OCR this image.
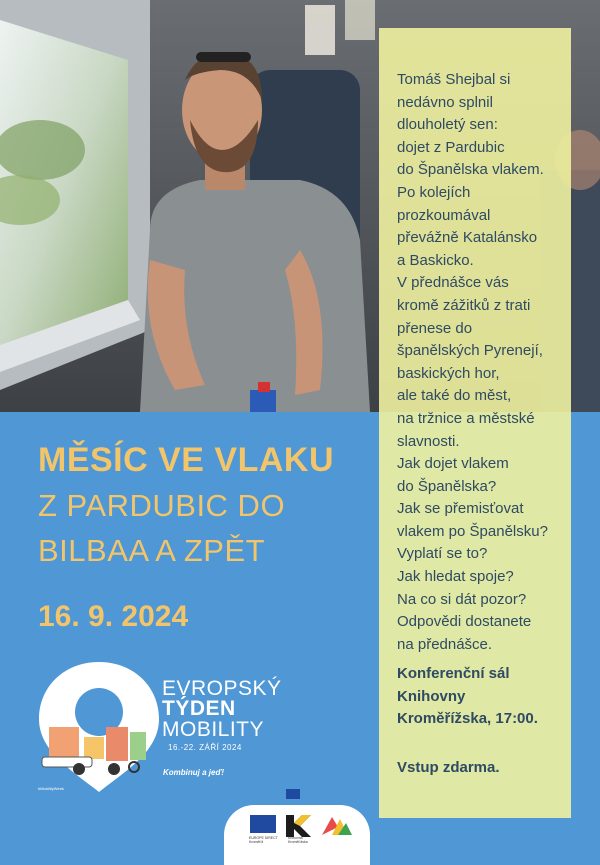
MĚSÍC VE VLAKU
Z PARDUBIC DO
BILBAA A ZPĚT
16. 9. 2024
EVROPSKÝ
TÝDEN
MOBILITY
16.-22. ZÁŘÍ 2024
Kombinuj a jeď!
#MobilityWeek
Tomáš Shejbal si
nedávno splnil
dlouholetý sen:
dojet z Pardubic
do Španělska vlakem.
Po kolejích
prozkoumával
převážně Katalánsko
a Baskicko.
V přednášce vás
kromě zážitků z trati
přenese do
španělských Pyrenejí,
baskických hor,
ale také do měst,
na tržnice a městské
slavnosti.
Jak dojet vlakem
do Španělska?
Jak se přemisťovat
vlakem po Španělsku?
Vyplatí se to?
Jak hledat spoje?
Na co si dát pozor?
Odpovědi dostanete
na přednášce.
Konferenční sál
Knihovny
Kroměřížska, 17:00.
Vstup zdarma.
EUROPE DIRECT Kroměříž
Knihovna Kroměřížska
